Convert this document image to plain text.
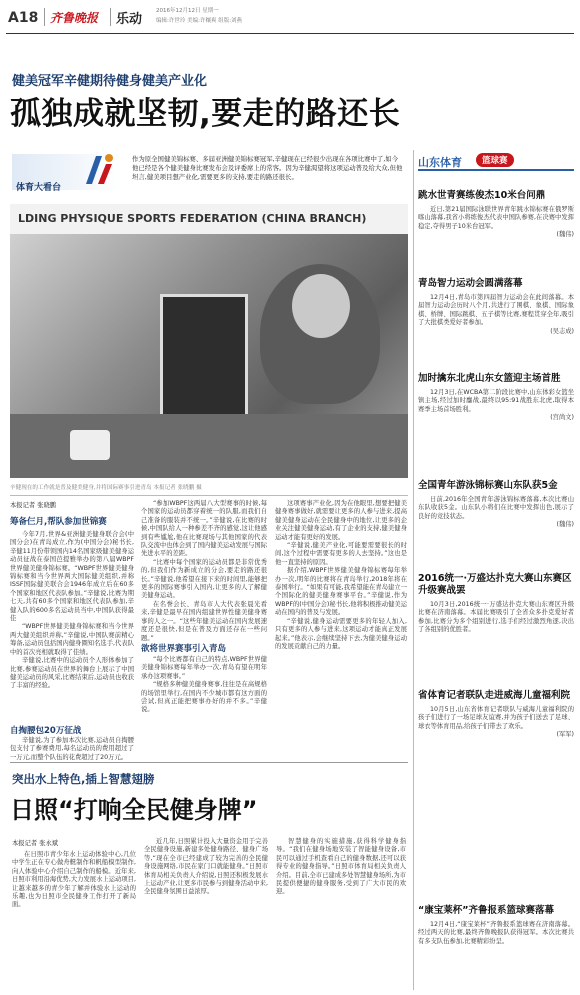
A18 齐鲁晚报 乐动
2016年12月12日 星期一
编辑:许世玲 美编:许穰爽 组版:刘燕
健美冠军辛健期待健身健美产业化
孤独成就坚韧,要走的路还长
体育大看台
作为原全国健美锦标赛、多届亚洲健美锦标赛冠军,辛健现在已经很少出现在各项比赛中了,如今他已经是各个健美健身比赛发布会及评委席上的常客。因为辛健渴望将这项运动普及给大众,但他坦言,健美项目想产业化,需要更多的支持,要走的路还很长。
LDING PHYSIQUE SPORTS FEDERATION (CHINA BRANCH)
辛健现在的工作就是普及健美健身,并将国际赛事引进青岛 本报记者 张晓鹏 摄
本报记者 张晓鹏
筹备仨月,帮队参加世锦赛
今年7月,世界&亚洲健美健身联合会(中国分会)在青岛成立,作为(中国分会)秘书长,辛健11月份带领国内14名国家级健美健身运动员征战在泰国芭提雅举办的第八届WBPF世界健美健身锦标赛。“WBPF世界健美健身锦标赛和当今世界两大国际健美组织,并称ISSF国际健美联合会1946年成立后在60多个国家和地区代表队参加。”辛健说,比赛为期七天,共有60多个国家和地区代表队参加,辛健入队的600多名运动员当中,中国队获得最佳
“WBPF世界健美健身锦标赛和当今世界两大健美组织并称,”辛健说,中国队赛前精心筹备,运动员包括国内健身圈知名选手,代表队中的首次亮相就取得了佳绩。
辛健说,比赛中的运动员个人形体参加了比赛,参赛运动员在世界的舞台上展示了中国健美运动员的风采,比赛结束后,运动员也收获了丰富的经验。
自掏腰包20万征战
辛健说,为了参加本次比赛,运动员自掏腰包支付了参赛费用,每名运动员的费用超过了一万元,而整个队伍的花费超过了20万元。
“参加WBPF这两届八大型赛事的时候,每个国家的运动员都穿着统一的队服,而我们自己准备的服装并不统一。”辛健说,在比赛的时候,中国队给人一种参差不齐的感觉,这让他感到有些尴尬,他在比赛现场与其他国家的代表队交流中也体会到了国内健美运动发展与国际先进水平的差距。
“比赛中每个国家的运动员都是非常优秀的,但我们作为新成立的分会,要走的路还很长。”辛健说,他希望在接下来的时间里,能够把更多的国际赛事引入国内,让更多的人了解健美健身运动。
在名誉会长、青岛市人大代表张晨光看来,辛健是最早在国内组建世界性健美健身赛事的人之一。“这些年健美运动在国内发展速度还是很快,但是在普及方面还存在一些问题。”
欲将世界赛事引入青岛
“每个比赛都有自己的特点,WBPF世界健美健身锦标赛每年举办一次,青岛有望在明年承办这项赛事。”
“规格多种健美健身赛事,往往是在高规格的场馆里举行,在国内不少城市都有这方面的尝试,但真正能把赛事办好的并不多。”辛健说。
这项赛事产业化,因为在他眼里,想要把健美健身赛事做好,就需要让更多的人参与进来,提高健美健身运动在全民健身中的地位,让更多的企业关注健美健身运动,有了企业的支持,健美健身运动才能有更好的发展。
“辛健说,健美产业化,可能要需要很长的时间,这个过程中需要有更多的人去坚持。”这也是他一直坚持的原因。
据介绍,WBPF世界健美健身锦标赛每年举办一次,明年的比赛将在青岛举行,2018年将在泰国举行。“如果有可能,我希望能在青岛建立一个国际化的健美健身赛事平台。”辛健说,作为WBPF的(中国分会)秘书长,他将积极推动健美运动在国内的普及与发展。
“辛健说,健身运动需要更多的年轻人加入,只有更多的人参与进来,这项运动才能真正发展起来。”他表示,会继续坚持下去,为健美健身运动的发展贡献自己的力量。
突出水上特色,插上智慧翅膀
日照“打响全民健身牌”
本报记者 张永斌
在日照市青少年水上运动体验中心,几位中学生正在专心做舟艇制作和帆船模型制作,向人体验中心介绍自己制作的船模。近年来,日照市利用沿海优势,大力发展水上运动项目,让越来越多的青少年了解并体验水上运动的乐趣,也为日照市全民健身工作打开了新局面。
近几年,日照累计投入大量资金用于完善全民健身设施,新建多处健身路径、健身广场等,“现在全市已经建成了较为完善的全民健身设施网络,市民在家门口就能健身。”日照市体育局相关负责人介绍说,日照还积极发展水上运动产业,让更多市民参与到健身活动中来,全民健身氛围日益浓厚。
智慧健身的实施措施,获得科学健身指导。“我们在健身场地安装了智能健身设备,市民可以通过手机查看自己的健身数据,还可以获得专业的健身指导。”日照市体育局相关负责人介绍。目前,全市已建成多处智慧健身场所,为市民提供便捷的健身服务,受到了广大市民的欢迎。
山东体育	篮球赛
跳水世青赛练俊杰10米台问鼎
近日,第21届国际泳联世界青年跳水锦标赛在俄罗斯喀山落幕,我省小将练俊杰代表中国队参赛,在决赛中发挥稳定,夺得男子10米台冠军。
(魏伟)
青岛智力运动会圆满落幕
12月4日,青岛市第四届智力运动会在此间落幕。本届智力运动会历时八个月,共进行了围棋、象棋、国际象棋、桥牌、国际跳棋、五子棋等比赛,赛程贯穿全年,吸引了大批棋类爱好者参加。
(吴志成)
加时擒东北虎山东女篮迎主场首胜
12月3日,在WCBA第二阶段比赛中,山东体彩女篮坐镇主场,经过加时鏖战,最终以95:91战胜东北虎,取得本赛季主场首场胜利。
(宫尚文)
全国青年游泳锦标赛山东队获5金
日前,2016年全国青年游泳锦标赛落幕,本次比赛山东队收获5金。山东队小将们在比赛中发挥出色,展示了良好的竞技状态。
(魏伟)
2016统一·万盛达扑克大赛山东赛区升级赛战罢
10月3日,2016统一·万盛达扑克大赛山东赛区升级比赛在济南落幕。本届比赛吸引了全省众多扑克爱好者参加,比赛分为多个组别进行,选手们经过激烈角逐,决出了各组别的优胜者。
省体育记者联队走进威海儿童福利院
10月5日,山东省体育记者联队与威海儿童福利院的孩子们进行了一场足球友谊赛,并为孩子们送去了足球、球衣等体育用品,给孩子们带去了欢乐。
(军军)
“康宝莱杯”齐鲁报系篮球赛落幕
12月4日,“康宝莱杯”齐鲁报系篮球赛在济南落幕。经过两天的比赛,最终齐鲁晚报队获得冠军。本次比赛共有多支队伍参加,比赛精彩纷呈。
